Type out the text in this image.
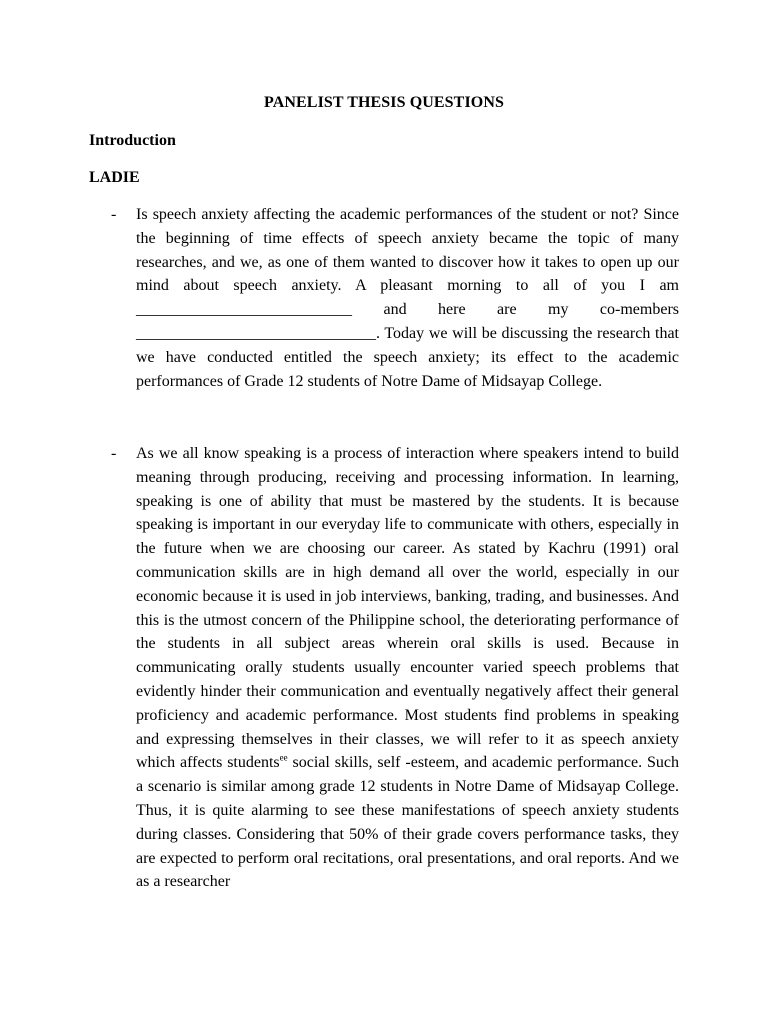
PANELIST THESIS QUESTIONS
Introduction
LADIE
- Is speech anxiety affecting the academic performances of the student or not? Since the beginning of time effects of speech anxiety became the topic of many researches, and we, as one of them wanted to discover how it takes to open up our mind about speech anxiety. A pleasant morning to all of you I am ___________________________ and here are my co-members ______________________________. Today we will be discussing the research that we have conducted entitled the speech anxiety; its effect to the academic performances of Grade 12 students of Notre Dame of Midsayap College.

- As we all know speaking is a process of interaction where speakers intend to build meaning through producing, receiving and processing information. In learning, speaking is one of ability that must be mastered by the students. It is because speaking is important in our everyday life to communicate with others, especially in the future when we are choosing our career. As stated by Kachru (1991) oral communication skills are in high demand all over the world, especially in our economic because it is used in job interviews, banking, trading, and businesses. And this is the utmost concern of the Philippine school, the deteriorating performance of the students in all subject areas wherein oral skills is used. Because in communicating orally students usually encounter varied speech problems that evidently hinder their communication and eventually negatively affect their general proficiency and academic performance. Most students find problems in speaking and expressing themselves in their classes, we will refer to it as speech anxiety which affects students$^{ee}$ social skills, self -esteem, and academic performance. Such a scenario is similar among grade 12 students in Notre Dame of Midsayap College. Thus, it is quite alarming to see these manifestations of speech anxiety students during classes. Considering that 50% of their grade covers performance tasks, they are expected to perform oral recitations, oral presentations, and oral reports. And we as a researcher
